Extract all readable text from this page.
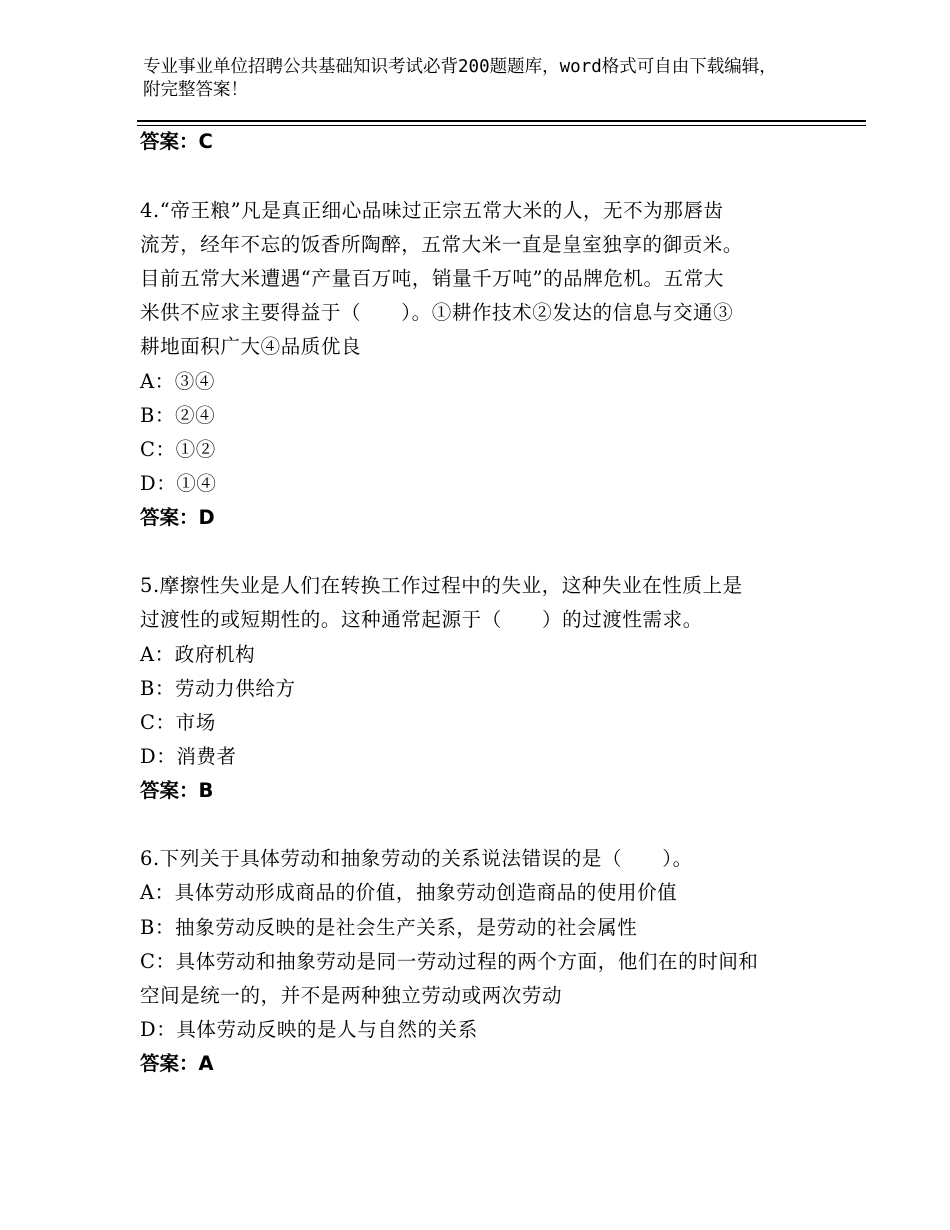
专业事业单位招聘公共基础知识考试必背200题题库，word格式可自由下载编辑，附完整答案！
答案：C
4.“帝王粮”凡是真正细心品味过正宗五常大米的人，无不为那唇齿
流芳，经年不忘的饭香所陶醉，五常大米一直是皇室独享的御贡米。
目前五常大米遭遇“产量百万吨，销量千万吨”的品牌危机。五常大
米供不应求主要得益于（　　）。①耕作技术②发达的信息与交通③
耕地面积广大④品质优良
A：③④
B：②④
C：①②
D：①④
答案：D
5.摩擦性失业是人们在转换工作过程中的失业，这种失业在性质上是
过渡性的或短期性的。这种通常起源于（　　）的过渡性需求。
A：政府机构
B：劳动力供给方
C：市场
D：消费者
答案：B
6.下列关于具体劳动和抽象劳动的关系说法错误的是（　　）。
A：具体劳动形成商品的价值，抽象劳动创造商品的使用价值
B：抽象劳动反映的是社会生产关系，是劳动的社会属性
C：具体劳动和抽象劳动是同一劳动过程的两个方面，他们在的时间和
空间是统一的，并不是两种独立劳动或两次劳动
D：具体劳动反映的是人与自然的关系
答案：A
